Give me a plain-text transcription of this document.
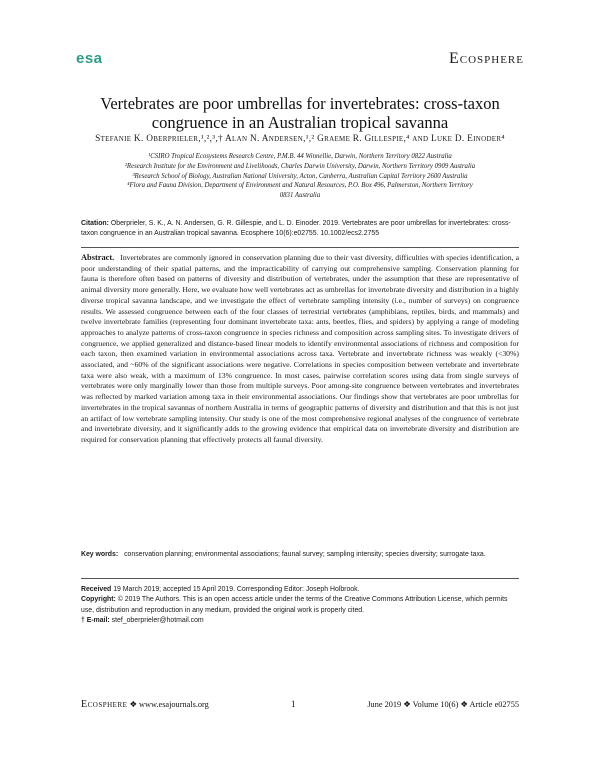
esa	Ecosphere
Vertebrates are poor umbrellas for invertebrates: cross-taxon
congruence in an Australian tropical savanna
Stefanie K. Oberprieler,¹,²,³,† Alan N. Andersen,¹,² Graeme R. Gillespie,⁴ and Luke D. Einoder⁴
¹CSIRO Tropical Ecosystems Research Centre, P.M.B. 44 Winnellie, Darwin, Northern Territory 0822 Australia
²Research Institute for the Environment and Livelihoods, Charles Darwin University, Darwin, Northern Territory 0909 Australia
³Research School of Biology, Australian National University, Acton, Canberra, Australian Capital Territory 2600 Australia
⁴Flora and Fauna Division, Department of Environment and Natural Resources, P.O. Box 496, Palmerston, Northern Territory
0831 Australia
Citation: Oberprieler, S. K., A. N. Andersen, G. R. Gillespie, and L. D. Einoder. 2019. Vertebrates are poor umbrellas for invertebrates: cross-taxon congruence in an Australian tropical savanna. Ecosphere 10(6):e02755. 10.1002/ecs2.2755
Abstract. Invertebrates are commonly ignored in conservation planning due to their vast diversity, difficulties with species identification, a poor understanding of their spatial patterns, and the impracticability of carrying out comprehensive sampling. Conservation planning for fauna is therefore often based on patterns of diversity and distribution of vertebrates, under the assumption that these are representative of animal diversity more generally. Here, we evaluate how well vertebrates act as umbrellas for invertebrate diversity and distribution in a highly diverse tropical savanna landscape, and we investigate the effect of vertebrate sampling intensity (i.e., number of surveys) on congruence results. We assessed congruence between each of the four classes of terrestrial vertebrates (amphibians, reptiles, birds, and mammals) and twelve invertebrate families (representing four dominant invertebrate taxa: ants, beetles, flies, and spiders) by applying a range of modeling approaches to analyze patterns of cross-taxon congruence in species richness and composition across sampling sites. To investigate drivers of congruence, we applied generalized and distance-based linear models to identify environmental associations of richness and composition for each taxon, then examined variation in environmental associations across taxa. Vertebrate and invertebrate richness was weakly (<30%) associated, and ~60% of the significant associations were negative. Correlations in species composition between vertebrate and invertebrate taxa were also weak, with a maximum of 13% congruence. In most cases, pairwise correlation scores using data from single surveys of vertebrates were only marginally lower than those from multiple surveys. Poor among-site congruence between vertebrates and invertebrates was reflected by marked variation among taxa in their environmental associations. Our findings show that vertebrates are poor umbrellas for invertebrates in the tropical savannas of northern Australia in terms of geographic patterns of diversity and distribution and that this is not just an artifact of low vertebrate sampling intensity. Our study is one of the most comprehensive regional analyses of the congruence of vertebrate and invertebrate diversity, and it significantly adds to the growing evidence that empirical data on invertebrate diversity and distribution are required for conservation planning that effectively protects all faunal diversity.
Key words: conservation planning; environmental associations; faunal survey; sampling intensity; species diversity; surrogate taxa.

Received 19 March 2019; accepted 15 April 2019. Corresponding Editor: Joseph Holbrook.

Copyright: © 2019 The Authors. This is an open access article under the terms of the Creative Commons Attribution License, which permits use, distribution and reproduction in any medium, provided the original work is properly cited.

† E-mail: stef_oberprieler@hotmail.com

Ecosphere ❖ www.esajournals.org	1	June 2019 ❖ Volume 10(6) ❖ Article e02755
